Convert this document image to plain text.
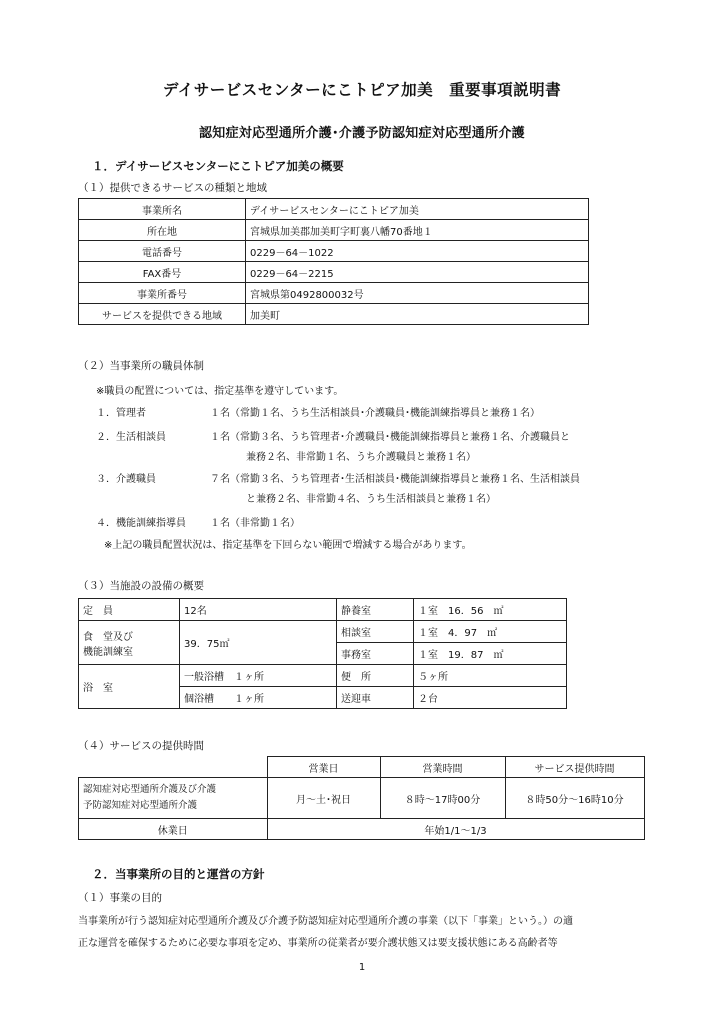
デイサービスセンターにこトピア加美　重要事項説明書
認知症対応型通所介護･介護予防認知症対応型通所介護
１．デイサービスセンターにこトピア加美の概要
（１）提供できるサービスの種類と地域
事業所名	デイサービスセンターにこトピア加美
所在地	宮城県加美郡加美町字町裏八幡70番地１
電話番号	0229－64－1022
FAX番号	0229－64－2215
事業所番号	宮城県第0492800032号
サービスを提供できる地域	加美町
（２）当事業所の職員体制
※職員の配置については、指定基準を遵守しています。
１．管理者	１名（常勤１名、うち生活相談員･介護職員･機能訓練指導員と兼務１名）
２．生活相談員	１名（常勤３名、うち管理者･介護職員･機能訓練指導員と兼務１名、介護職員と
兼務２名、非常勤１名、うち介護職員と兼務１名）
３．介護職員	７名（常勤３名、うち管理者･生活相談員･機能訓練指導員と兼務１名、生活相談員
と兼務２名、非常勤４名、うち生活相談員と兼務１名）
４．機能訓練指導員 １名（非常勤１名）
※上記の職員配置状況は、指定基準を下回らない範囲で増減する場合があります。
（３）当施設の設備の概要
定　員	12名	静養室	１室　16．56　㎡

食　堂及び
機能訓練室	39．75㎡	相談室	１室　4．97　㎡
		事務室	１室　19．87　㎡
浴　室	一般浴槽　１ヶ所	便　所	５ヶ所
	個浴槽　　１ヶ所	送迎車	２台
（４）サービスの提供時間
	営業日	営業時間	サービス提供時間

認知症対応型通所介護及び介護
予防認知症対応型通所介護	月～土･祝日	８時～17時00分	８時50分～16時10分
休業日	年始1/1～1/3		
２．当事業所の目的と運営の方針
（１）事業の目的
当事業所が行う認知症対応型通所介護及び介護予防認知症対応型通所介護の事業（以下「事業」という。）の適
正な運営を確保するために必要な事項を定め、事業所の従業者が要介護状態又は要支援状態にある高齢者等
1
